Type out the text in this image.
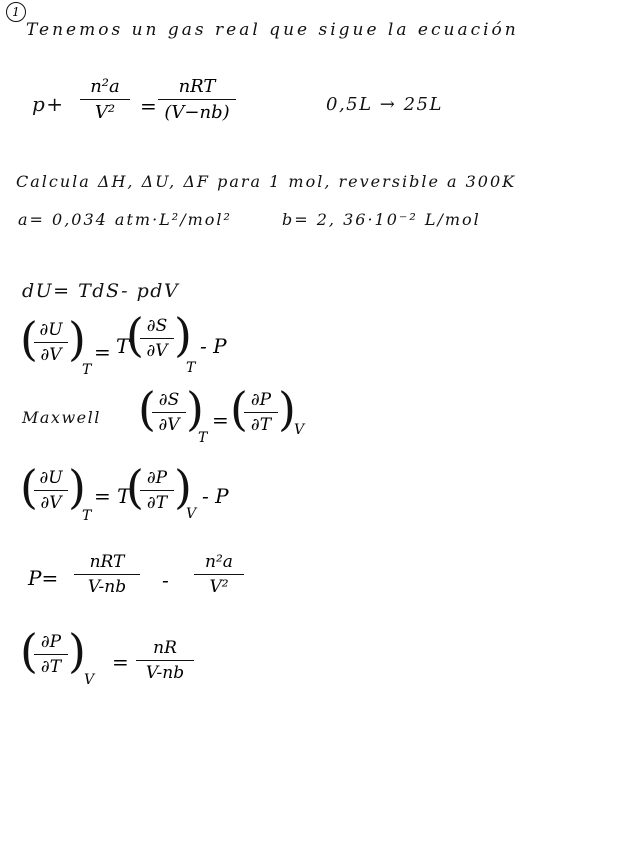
1
Tenemos un gas real que sigue la ecuación
p+
n²a
V²	=
nRT
(V−nb)	0,5L → 25L
Calcula ΔH, ΔU, ΔF para 1 mol, reversible a 300K
a= 0,034 atm·L²/mol²	b= 2, 36·10⁻² L/mol
dU= TdS- pdV
( ∂U
∂V )
T
= T
( ∂S
∂V )
T
- P
Maxwell ( ∂S
∂V )
T
= ( ∂P
∂T )
V
( ∂U
∂V )
T
= T
( ∂P
∂T )
V
- P
P=
nRT
V-nb	-
n²a
V²
( ∂P
∂T )
V
=
nR
V-nb
